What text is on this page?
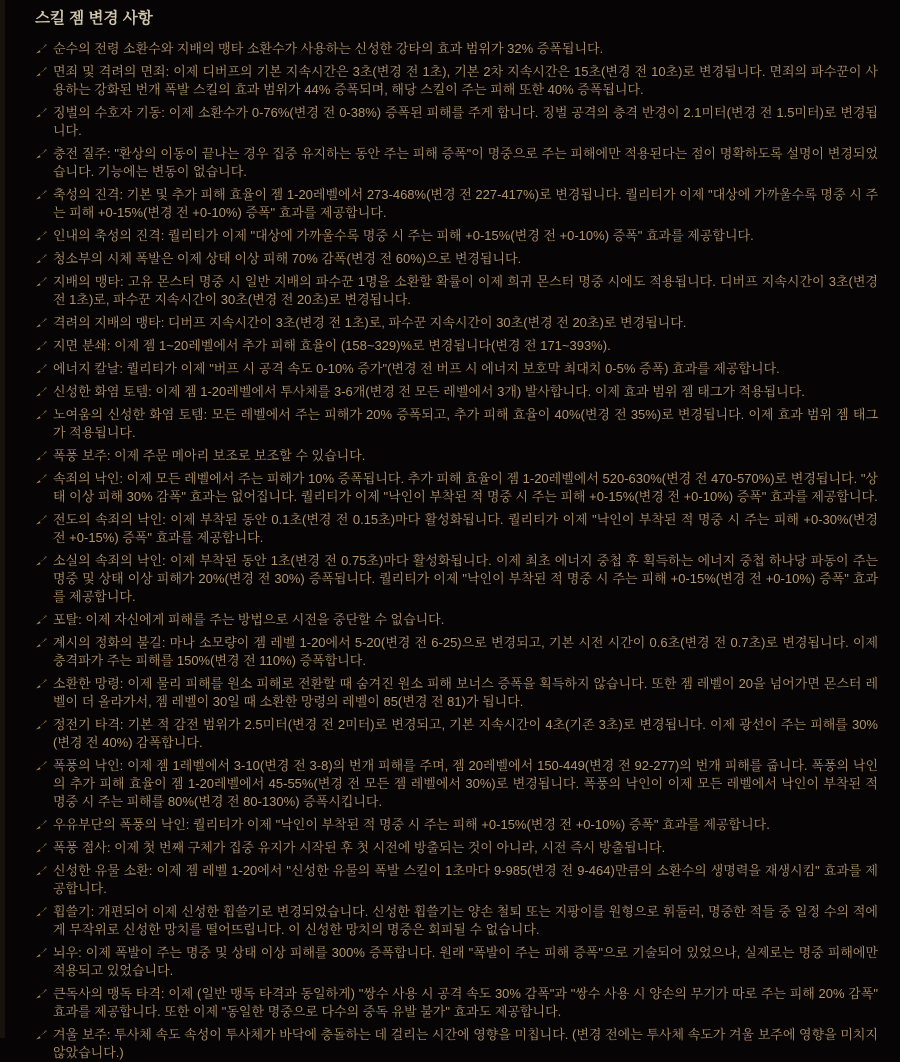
스킬 젬 변경 사항
순수의 전령 소환수와 지배의 맹타 소환수가 사용하는 신성한 강타의 효과 범위가 32% 증폭됩니다.
면죄 및 격려의 면죄: 이제 디버프의 기본 지속시간은 3초(변경 전 1초), 기본 2차 지속시간은 15초(변경 전 10초)로 변경됩니다. 면죄의 파수꾼이 사용하는 강화된 번개 폭발 스킬의 효과 범위가 44% 증폭되며, 해당 스킬이 주는 피해 또한 40% 증폭됩니다.
징벌의 수호자 기동: 이제 소환수가 0-76%(변경 전 0-38%) 증폭된 피해를 주게 합니다. 징벌 공격의 충격 반경이 2.1미터(변경 전 1.5미터)로 변경됩니다.
충전 질주: "환상의 이동이 끝나는 경우 집중 유지하는 동안 주는 피해 증폭"이 명중으로 주는 피해에만 적용된다는 점이 명확하도록 설명이 변경되었습니다. 기능에는 변동이 없습니다.
축성의 진격: 기본 및 추가 피해 효율이 젬 1-20레벨에서 273-468%(변경 전 227-417%)로 변경됩니다. 퀄리티가 이제 "대상에 가까울수록 명중 시 주는 피해 +0-15%(변경 전 +0-10%) 증폭" 효과를 제공합니다.
인내의 축성의 진격: 퀄리티가 이제 "대상에 가까울수록 명중 시 주는 피해 +0-15%(변경 전 +0-10%) 증폭" 효과를 제공합니다.
청소부의 시체 폭발은 이제 상태 이상 피해 70% 감폭(변경 전 60%)으로 변경됩니다.
지배의 맹타: 고유 몬스터 명중 시 일반 지배의 파수꾼 1명을 소환할 확률이 이제 희귀 몬스터 명중 시에도 적용됩니다. 디버프 지속시간이 3초(변경 전 1초)로, 파수꾼 지속시간이 30초(변경 전 20초)로 변경됩니다.
격려의 지배의 맹타: 디버프 지속시간이 3초(변경 전 1초)로, 파수꾼 지속시간이 30초(변경 전 20초)로 변경됩니다.
지면 분쇄: 이제 젬 1~20레벨에서 추가 피해 효율이 (158~329)%로 변경됩니다(변경 전 171~393%).
에너지 칼날: 퀄리티가 이제 "버프 시 공격 속도 0-10% 증가"(변경 전 버프 시 에너지 보호막 최대치 0-5% 증폭) 효과를 제공합니다.
신성한 화염 토템: 이제 젬 1-20레벨에서 투사체를 3-6개(변경 전 모든 레벨에서 3개) 발사합니다. 이제 효과 범위 젬 태그가 적용됩니다.
노여움의 신성한 화염 토템: 모든 레벨에서 주는 피해가 20% 증폭되고, 추가 피해 효율이 40%(변경 전 35%)로 변경됩니다. 이제 효과 범위 젬 태그가 적용됩니다.
폭풍 보주: 이제 주문 메아리 보조로 보조할 수 있습니다.
속죄의 낙인: 이제 모든 레벨에서 주는 피해가 10% 증폭됩니다. 추가 피해 효율이 젬 1-20레벨에서 520-630%(변경 전 470-570%)로 변경됩니다. "상태 이상 피해 30% 감폭" 효과는 없어집니다. 퀄리티가 이제 "낙인이 부착된 적 명중 시 주는 피해 +0-15%(변경 전 +0-10%) 증폭" 효과를 제공합니다.
전도의 속죄의 낙인: 이제 부착된 동안 0.1초(변경 전 0.15초)마다 활성화됩니다. 퀄리티가 이제 "낙인이 부착된 적 명중 시 주는 피해 +0-30%(변경 전 +0-15%) 증폭" 효과를 제공합니다.
소실의 속죄의 낙인: 이제 부착된 동안 1초(변경 전 0.75초)마다 활성화됩니다. 이제 최초 에너지 중첩 후 획득하는 에너지 중첩 하나당 파동이 주는 명중 및 상태 이상 피해가 20%(변경 전 30%) 증폭됩니다. 퀄리티가 이제 "낙인이 부착된 적 명중 시 주는 피해 +0-15%(변경 전 +0-10%) 증폭" 효과를 제공합니다.
포탈: 이제 자신에게 피해를 주는 방법으로 시전을 중단할 수 없습니다.
계시의 정화의 불길: 마나 소모량이 젬 레벨 1-20에서 5-20(변경 전 6-25)으로 변경되고, 기본 시전 시간이 0.6초(변경 전 0.7초)로 변경됩니다. 이제 충격파가 주는 피해를 150%(변경 전 110%) 증폭합니다.
소환한 망령: 이제 물리 피해를 원소 피해로 전환할 때 숨겨진 원소 피해 보너스 증폭을 획득하지 않습니다. 또한 젬 레벨이 20을 넘어가면 몬스터 레벨이 더 올라가서, 젬 레벨이 30일 때 소환한 망령의 레벨이 85(변경 전 81)가 됩니다.
정전기 타격: 기본 적 감전 범위가 2.5미터(변경 전 2미터)로 변경되고, 기본 지속시간이 4초(기존 3초)로 변경됩니다. 이제 광선이 주는 피해를 30%(변경 전 40%) 감폭합니다.
폭풍의 낙인: 이제 젬 1레벨에서 3-10(변경 전 3-8)의 번개 피해를 주며, 젬 20레벨에서 150-449(변경 전 92-277)의 번개 피해를 줍니다. 폭풍의 낙인의 추가 피해 효율이 젬 1-20레벨에서 45-55%(변경 전 모든 젬 레벨에서 30%)로 변경됩니다. 폭풍의 낙인이 이제 모든 레벨에서 낙인이 부착된 적 명중 시 주는 피해를 80%(변경 전 80-130%) 증폭시킵니다.
우유부단의 폭풍의 낙인: 퀄리티가 이제 "낙인이 부착된 적 명중 시 주는 피해 +0-15%(변경 전 +0-10%) 증폭" 효과를 제공합니다.
폭풍 점사: 이제 첫 번째 구체가 집중 유지가 시작된 후 첫 시전에 방출되는 것이 아니라, 시전 즉시 방출됩니다.
신성한 유물 소환: 이제 젬 레벨 1-20에서 "신성한 유물의 폭발 스킬이 1초마다 9-985(변경 전 9-464)만큼의 소환수의 생명력을 재생시킴" 효과를 제공합니다.
휩쓸기: 개편되어 이제 신성한 휩쓸기로 변경되었습니다. 신성한 휩쓸기는 양손 철퇴 또는 지팡이를 원형으로 휘둘러, 명중한 적들 중 일정 수의 적에게 무작위로 신성한 망치를 떨어뜨립니다. 이 신성한 망치의 명중은 회피될 수 없습니다.
뇌우: 이제 폭발이 주는 명중 및 상태 이상 피해를 300% 증폭합니다. 원래 "폭발이 주는 피해 증폭"으로 기술되어 있었으나, 실제로는 명중 피해에만 적용되고 있었습니다.
큰독사의 맹독 타격: 이제 (일반 맹독 타격과 동일하게) "쌍수 사용 시 공격 속도 30% 감폭"과 "쌍수 사용 시 양손의 무기가 따로 주는 피해 20% 감폭" 효과를 제공합니다. 또한 이제 "동일한 명중으로 다수의 중독 유발 불가" 효과도 제공합니다.
겨울 보주: 투사체 속도 속성이 투사체가 바닥에 충돌하는 데 걸리는 시간에 영향을 미칩니다. (변경 전에는 투사체 속도가 겨울 보주에 영향을 미치지 않았습니다.)
